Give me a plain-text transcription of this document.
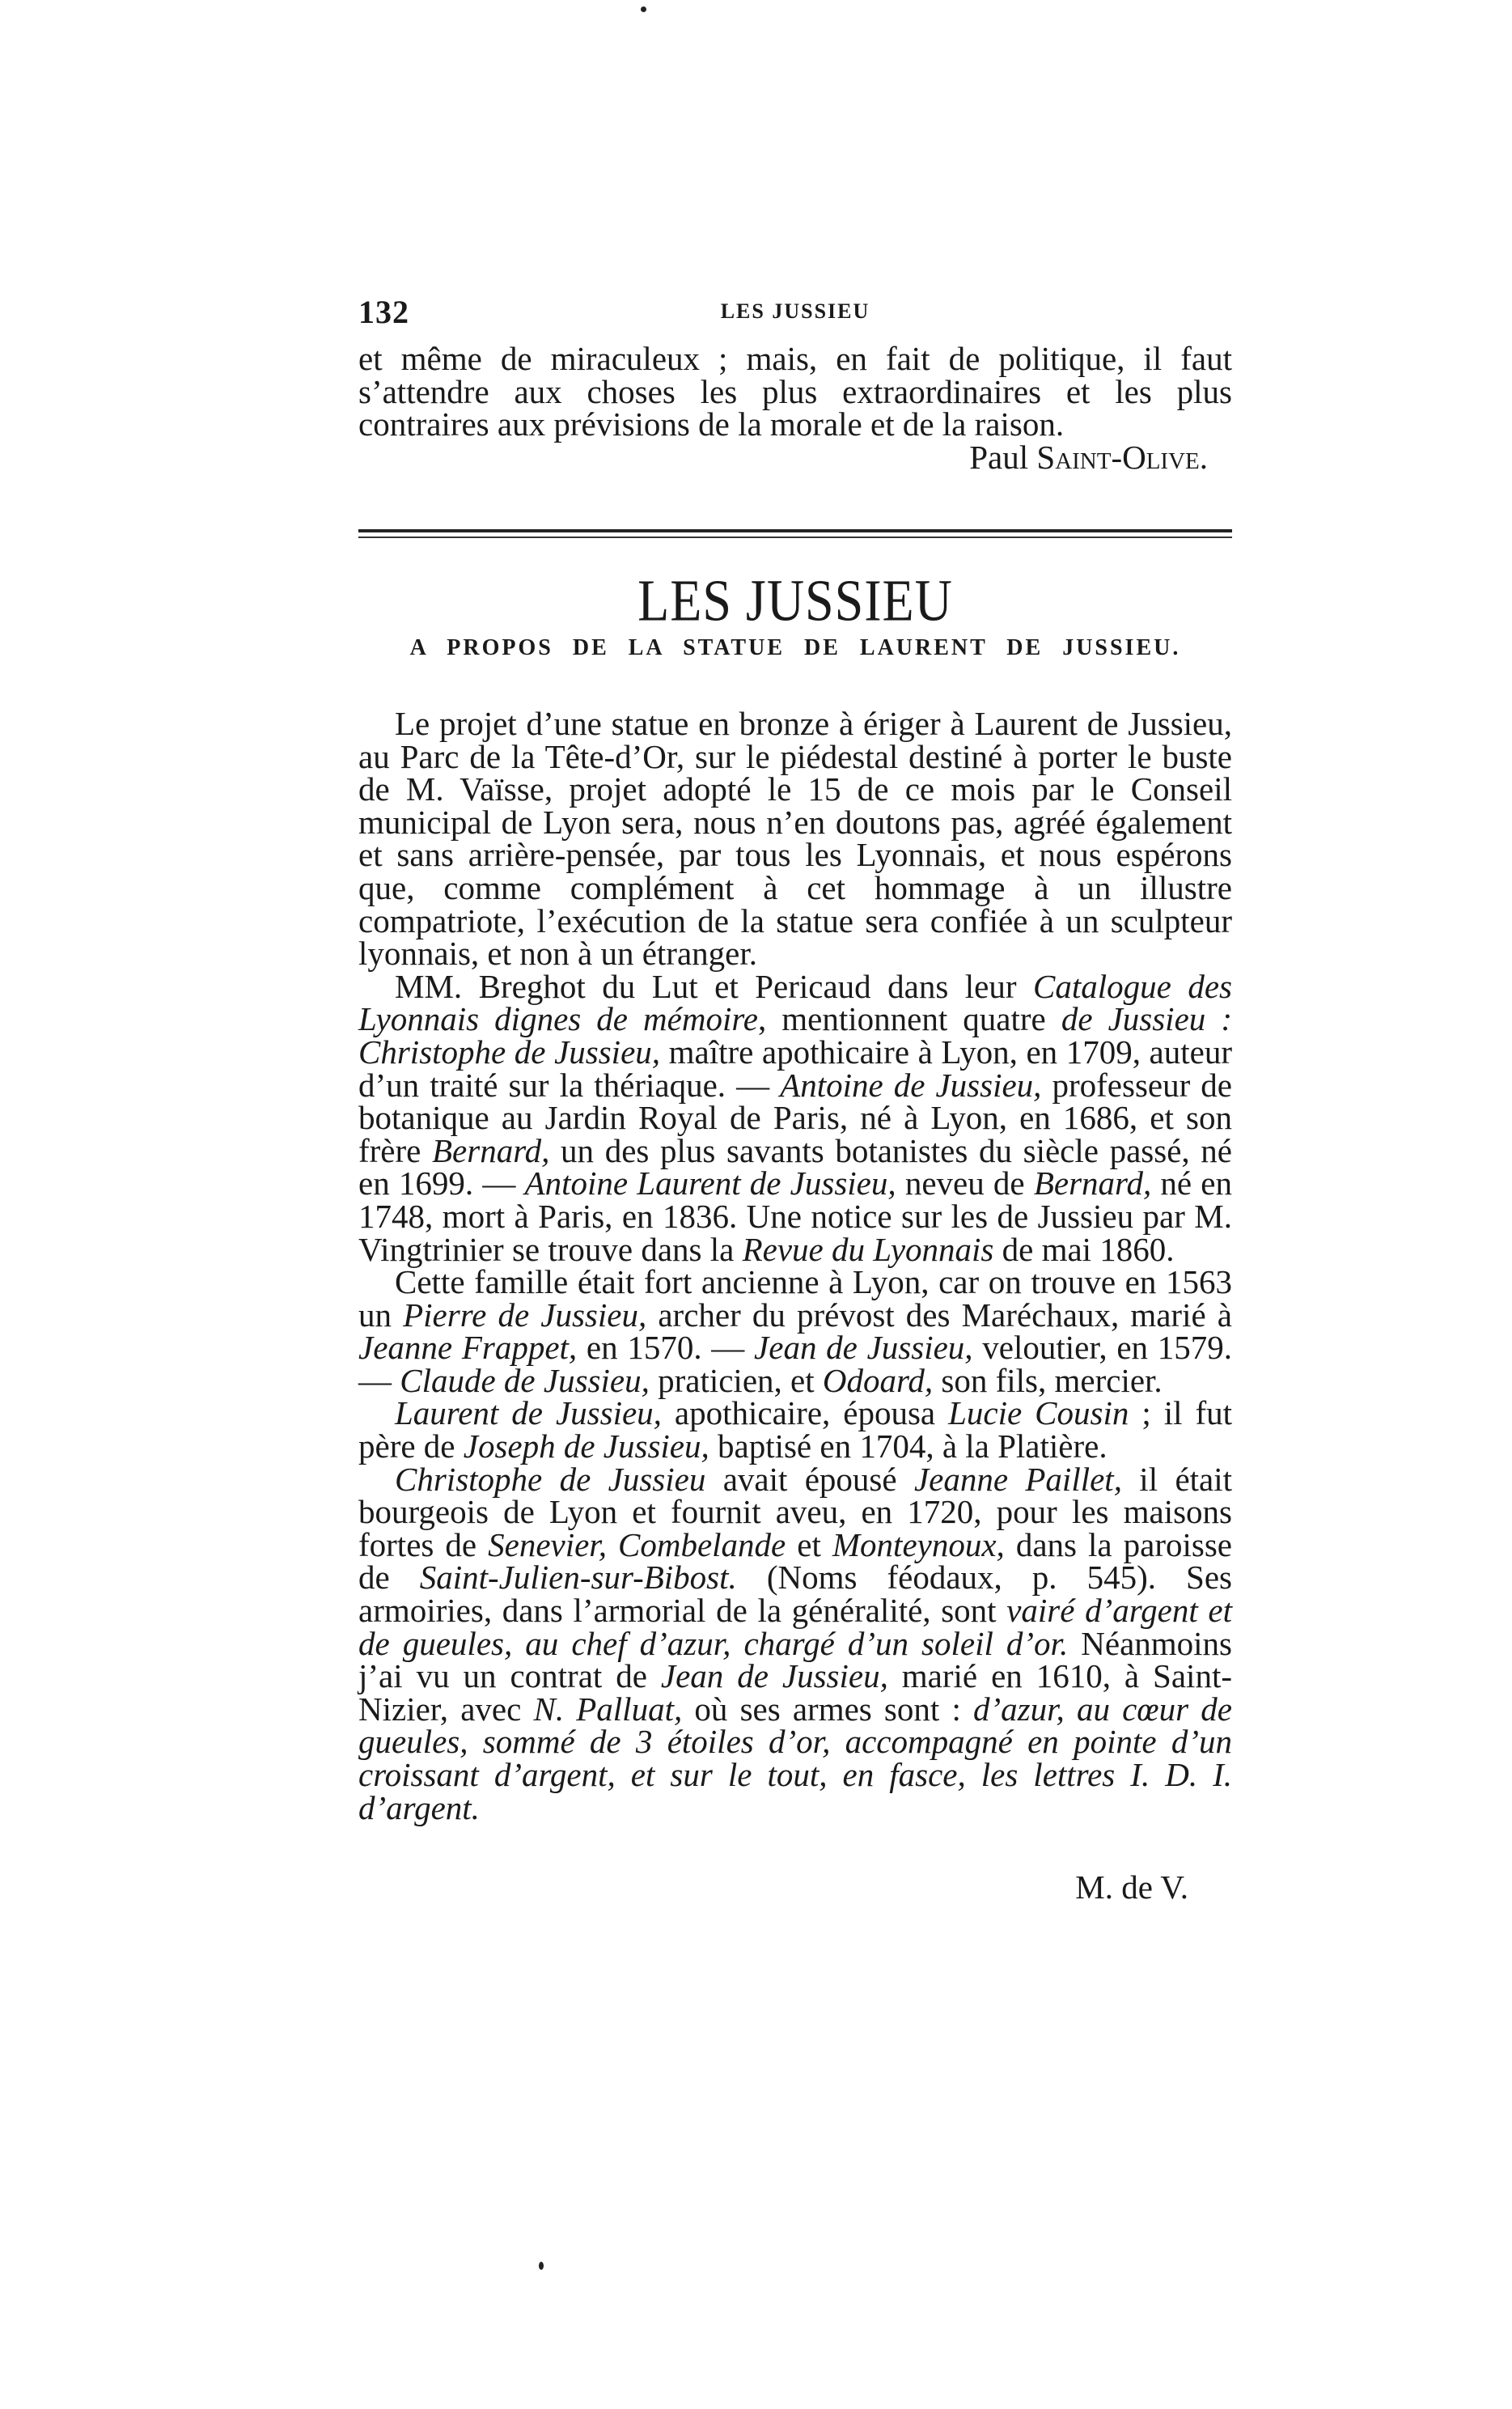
132	LES JUSSIEU

et même de miraculeux ; mais, en fait de politique, il faut s’attendre aux choses les plus extraordinaires et les plus contraires aux prévisions de la morale et de la raison.

Paul Saint-Olive.

LES JUSSIEU
A PROPOS DE LA STATUE DE LAURENT DE JUSSIEU.

Le projet d’une statue en bronze à ériger à Laurent de Jussieu, au Parc de la Tête-d’Or, sur le piédestal destiné à porter le buste de M. Vaïsse, projet adopté le 15 de ce mois par le Conseil municipal de Lyon sera, nous n’en doutons pas, agréé également et sans arrière-pensée, par tous les Lyonnais, et nous espérons que, comme complément à cet hommage à un illustre compatriote, l’exécution de la statue sera confiée à un sculpteur lyonnais, et non à un étranger.

MM. Breghot du Lut et Pericaud dans leur Catalogue des Lyonnais dignes de mémoire, mentionnent quatre de Jussieu : Christophe de Jussieu, maître apothicaire à Lyon, en 1709, auteur d’un traité sur la thériaque. — Antoine de Jussieu, professeur de botanique au Jardin Royal de Paris, né à Lyon, en 1686, et son frère Bernard, un des plus savants botanistes du siècle passé, né en 1699. — Antoine Laurent de Jussieu, neveu de Bernard, né en 1748, mort à Paris, en 1836. Une notice sur les de Jussieu par M. Vingtrinier se trouve dans la Revue du Lyonnais de mai 1860.

Cette famille était fort ancienne à Lyon, car on trouve en 1563 un Pierre de Jussieu, archer du prévost des Maréchaux, marié à Jeanne Frappet, en 1570. — Jean de Jussieu, veloutier, en 1579. — Claude de Jussieu, praticien, et Odoard, son fils, mercier.

Laurent de Jussieu, apothicaire, épousa Lucie Cousin ; il fut père de Joseph de Jussieu, baptisé en 1704, à la Platière.

Christophe de Jussieu avait épousé Jeanne Paillet, il était bourgeois de Lyon et fournit aveu, en 1720, pour les maisons fortes de Senevier, Combelande et Monteynoux, dans la paroisse de Saint-Julien-sur-Bibost. (Noms féodaux, p. 545). Ses armoiries, dans l’armorial de la généralité, sont vairé d’argent et de gueules, au chef d’azur, chargé d’un soleil d’or. Néanmoins j’ai vu un contrat de Jean de Jussieu, marié en 1610, à Saint-Nizier, avec N. Palluat, où ses armes sont : d’azur, au cœur de gueules, sommé de 3 étoiles d’or, accompagné en pointe d’un croissant d’argent, et sur le tout, en fasce, les lettres I. D. I. d’argent.

M. de V.
